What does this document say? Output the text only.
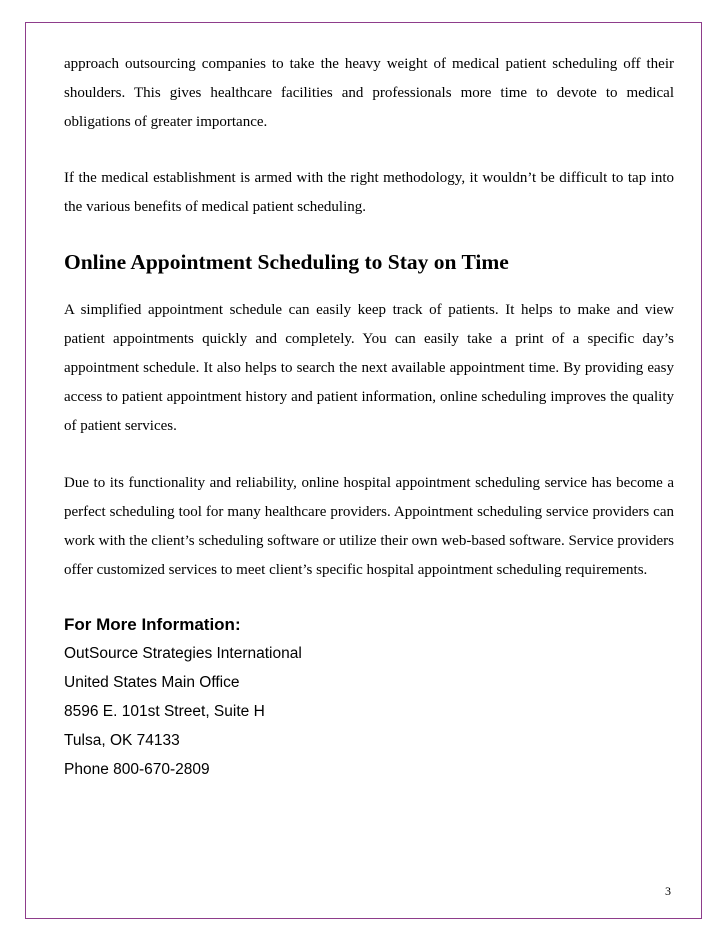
approach outsourcing companies to take the heavy weight of medical patient scheduling off their shoulders. This gives healthcare facilities and professionals more time to devote to medical obligations of greater importance.

If the medical establishment is armed with the right methodology, it wouldn’t be difficult to tap into the various benefits of medical patient scheduling.

Online Appointment Scheduling to Stay on Time

A simplified appointment schedule can easily keep track of patients. It helps to make and view patient appointments quickly and completely. You can easily take a print of a specific day’s appointment schedule. It also helps to search the next available appointment time. By providing easy access to patient appointment history and patient information, online scheduling improves the quality of patient services.

Due to its functionality and reliability, online hospital appointment scheduling service has become a perfect scheduling tool for many healthcare providers. Appointment scheduling service providers can work with the client’s scheduling software or utilize their own web-based software. Service providers offer customized services to meet client’s specific hospital appointment scheduling requirements.

For More Information:

OutSource Strategies International

United States Main Office

8596 E. 101st Street, Suite H

Tulsa, OK 74133

Phone 800-670-2809

3
